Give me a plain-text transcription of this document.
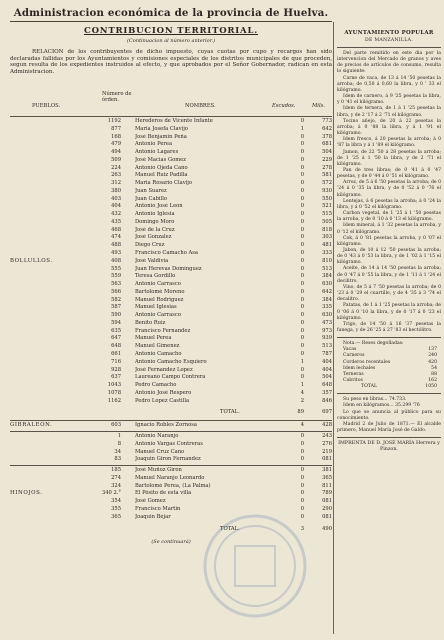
Administracion económica de la provincia de Huelva.
CONTRIBUCION TERRITORIAL.
(Continuacion al número anterior.)
RELACION de los contribuyentes de dicho impuesto, cuyas cuotas por cupo y recargos han sido declaradas fallidas por los Ayuntamientos y comisiones especiales de los distritos municipales de que proceden, segun resulta de los expedientes instruidos al efecto, y que aprobados por el Señor Gobernador, radican en esta Administracion.
PUEBLOS.
Número de órden.
NOMBRES.	Escudos.	Mils.
1192	Herederos de Vicente Infante	0	773
877	Maria Josefa Clavijo	1	642
168	José Benjamin Peña	0	378
479	Antonio Perea	0	681
494	Antonio Lagares	0	504
509	José Macias Gomez	0	229
224	Antonio Ojeda Cano	0	278
263	Manuel Ruiz Padilla	0	581
312	Maria Rosario Clavijo	0	572
380	Juan Suarez	0	930
403	Juan Cabillo	0	550
404	Antonio José Leon	0	521
432	Antonio Iglesia	0	515
435	Domingo Moro	0	505
468	José de la Cruz	0	818
474	José Gonzalez	0	303
488	Diego Cruz	0	481
493	Francisco Camacho Asa	0	333
BOLLULLOS.	408	José Valdivia	0	810
555	Juan Herevas Dominguez	0	513
559	Teresa Gordillo	0	384
563	Antonio Carrasco	0	630
566	Bartolomé Moreno	0	642
582	Manuel Rodriguez	0	384
587	Manuel Iglesias	0	335
590	Antonio Carrasco	0	630
594	Benito Ruiz	0	473
635	Francisco Fernandez	0	973
647	Manuel Perea	0	939
648	Manuel Gimenez	0	513
661	Antonio Camacho	0	787
716	Antonio Camacho Esquiero	1	404
928	José Fernandez Lopez	0	404
637	Laureano Campo Contrera	0	504
1043	Pedro Camacho	1	648
1078	Antonio José Respero	4	357
1162	Pedro Lopez Castilla	2	846
TOTAL.	89	697
GIBRALEON.	603	Ignacio Robles Zornosa	4	428
1	Antonio Naranjo	0	243
8	Antonio Vargas Contreras	0	276
34	Manuel Cruz Cano	0	219
83	Joaquin Giron Fernandez	0	081
185	José Muñoz Giron	0	381
274	Manuel Naranjo Leonardo	0	365
324	Bartolomé Perea, (La Palma)	0	811
HINOJOS.	340 2.°	El Pósito de esta villa	0	789
354	José Gomez	0	081
355	Francisco Martin	0	290
365	Joaquin Béjar	0	081
TOTAL.	3	490
(Se continuará)
AYUNTAMIENTO POPULAR
DE MANZANILLA.
Del parte remitido en este dia por la intervencion del Mercado de granos y aves de precios de artículos de consumo, resulta lo siguiente:
Carne de vaca, de 13 á 14 '50 pesetas la arroba; de 0,50 á 0,60 la libra, y 0 ' 33 el kilógramo.
Idem de carnero, á 9 '25 pesetas la libra, y 0 '41 el kilógramo.
Idem de ternera, de 1 á 1 '25 pesetas la libra, y de 2 '17 á 2 '71 el kilógramo.
Tocino añejo, de 20 á 22 pesetas la arroba; á 0 '88 la libra, y á 1 '91 el kilógramo.
Idem fresco, á 20 pesetas la arroba; á 0 '87 la libra y á 1 '89 el kilógramo.
Jamon, de 22 '50 á 28 pesetas la arroba; de 1 '25 á 1 '50 la libra, y de 2 '71 el kilógramo.
Pan de tres libras; de 0 '41 á 0 '47 pesetas, y de 0 '44 á 0 '51 el kilógramo.
Arroz, de 5 á 6 '50 pesetas la arroba; de 0 '24 á 0 '35 la libra, y de 0 '52 á 0 '76 el kilógramo.
Lentejas, á 6 pesetas la arroba; á 0 '24 la libra, y á 0 '52 el kilógramo.
Carbon vegetal, de 1 '25 á 1 '50 pesetas la arroba, y de 0 '10 á 0 '13 el kilógramo.
Idem mineral, á 1 '32 pesetas la arroba, y 0 '12 el kilógramo.
Cok, á 0 '81 pesetas la arroba, y 0 '07 el kilógramo.
Jabon, de 10 á 12 '50 pesetas la arroba; de 0 '43 á 0 '53 la libra, y de 1 '02 á 1 '15 el kilógramo.
Aceite, de 14 á 14 '50 pesetas la arroba; de 0 '47 á 0 '55 la libra, y de 1 '11 á 1 '24 el decilitro.
Vino, de 5 á 7 '50 pesetas la arroba; de 0 '23 á 0 '29 el cuartillo, y de 4 '35 á 3 '74 el decalitro.
Patatas, de 1 á 1 '25 pesetas la arroba; de 0 '06 á 0 '10 la libra, y de 0 '17 á 0 '23 el kilógramo.
Trigo, de 14 '50 á 16 '37 pesetas la fanega, y de 26 '25 á 27 '83 el hectólitro.
Nota.— Reses degolladas:
Vacas	137
Carneros	240
Corderos recentales	420
Idem lechales	54
Terneras	88
Cabritos	162
TOTAL	1050
Su peso en libras... 74.733.
Idem en kilógramos... 35.299 '76
Lo que se anuncia al público para su conocimiento.
Madrid 2 de Julio de 1871.— El alcalde primero, Manuel María José de Galdo.
IMPRENTA DE D. JOSÉ MARÍA Herrera y Pinzon.
